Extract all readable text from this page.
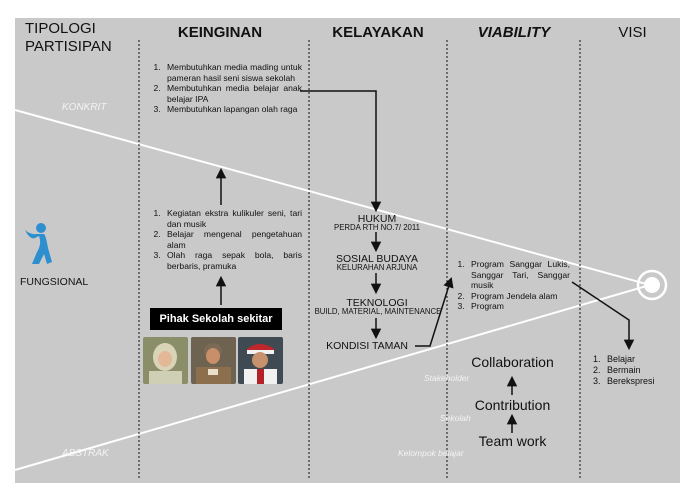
TIPOLOGI
PARTISIPAN
KEINGINAN	KELAYAKAN	VIABILITY	VISI
KONKRIT
ABSTRAK
FUNGSIONAL
1. Membutuhkan media mading untuk pameran hasil seni siswa sekolah
2. Membutuhkan media belajar anak belajar IPA
3. Membutuhkan lapangan olah raga
1. Kegiatan ekstra kulikuler seni, tari dan musik
2. Belajar mengenal pengetahuan alam
3. Olah raga sepak bola, baris berbaris, pramuka
Pihak Sekolah sekitar
HUKUM
PERDA RTH NO.7/ 2011
SOSIAL BUDAYA
KELURAHAN ARJUNA
TEKNOLOGI
BUILD, MATERIAL, MAINTENANCE
KONDISI TAMAN
1. Program Sanggar Lukis, Sanggar Tari, Sanggar musik
2. Program Jendela alam
3. Program
Collaboration
Contribution
Team work
Stakeholder
Sekolah
Kelompok belajar
1. Belajar
2. Bermain
3. Berekspresi
